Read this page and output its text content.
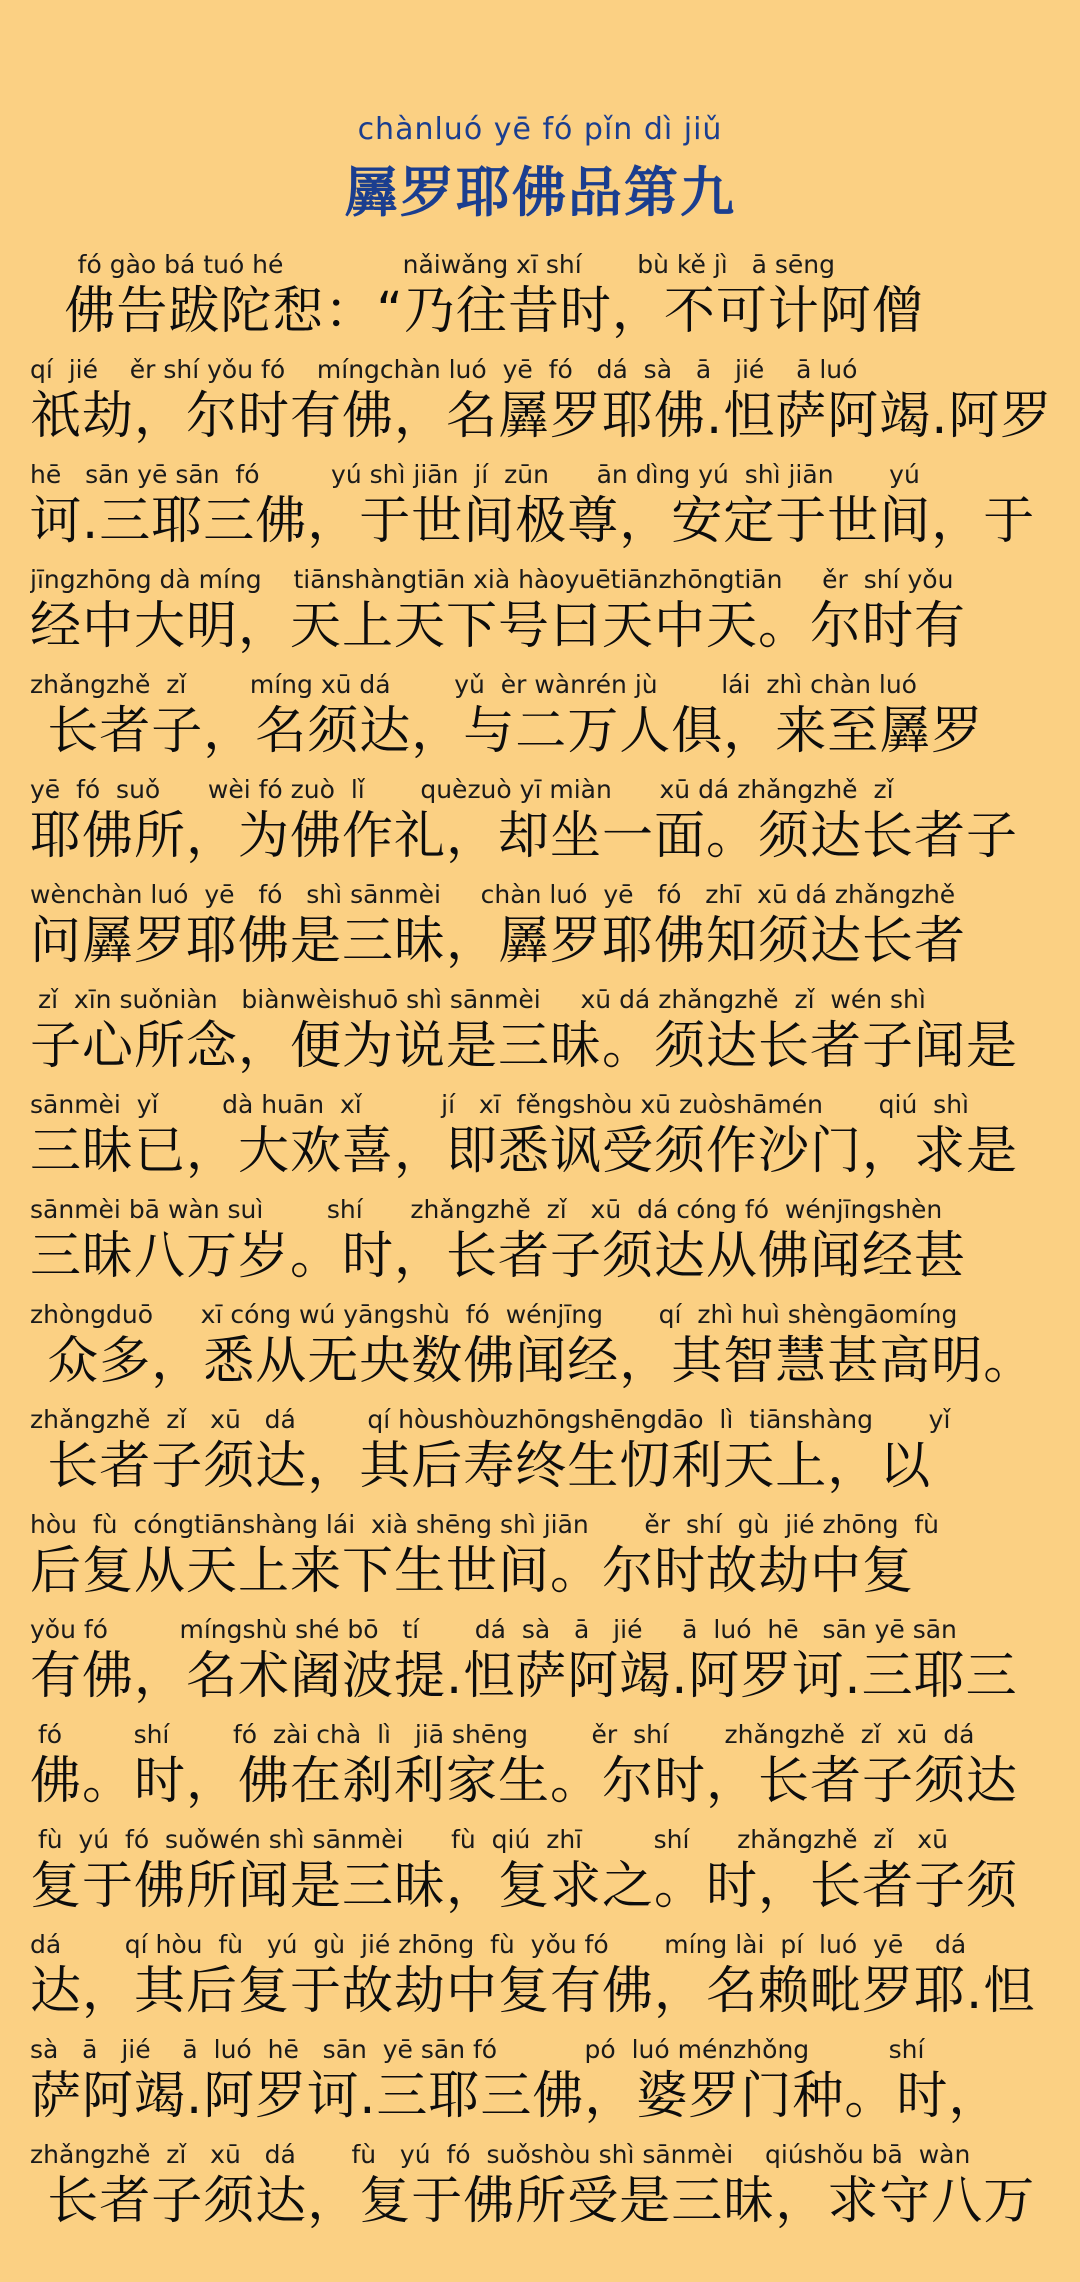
chànluó yē fó pǐn dì jiǔ
羼罗耶佛品第九
fó gào bá tuó hé               nǎiwǎng xī shí       bù kě jì   ā sēng
佛告跋陀惒：“乃往昔时，不可计阿僧
qí  jié    ěr shí yǒu fó    míngchàn luó  yē  fó   dá  sà   ā   jié    ā luó
祇劫，尔时有佛，名羼罗耶佛.怛萨阿竭.阿罗
hē   sān yē sān  fó         yú shì jiān  jí  zūn      ān dìng yú  shì jiān       yú
诃.三耶三佛，于世间极尊，安定于世间，于
jīngzhōng dà míng    tiānshàngtiān xià hàoyuētiānzhōngtiān     ěr  shí yǒu
经中大明，天上天下号曰天中天。尔时有
zhǎngzhě  zǐ        míng xū dá        yǔ  èr wànrén jù        lái  zhì chàn luó
长者子，名须达，与二万人俱，来至羼罗
yē  fó  suǒ      wèi fó zuò  lǐ       quèzuò yī miàn      xū dá zhǎngzhě  zǐ
耶佛所，为佛作礼，却坐一面。须达长者子
wènchàn luó  yē   fó   shì sānmèi     chàn luó  yē   fó   zhī  xū dá zhǎngzhě
问羼罗耶佛是三昧，羼罗耶佛知须达长者
zǐ  xīn suǒniàn   biànwèishuō shì sānmèi     xū dá zhǎngzhě  zǐ  wén shì
子心所念，便为说是三昧。须达长者子闻是
sānmèi  yǐ        dà huān  xǐ          jí   xī  fěngshòu xū zuòshāmén       qiú  shì
三昧已，大欢喜，即悉讽受须作沙门，求是
sānmèi bā wàn suì        shí      zhǎngzhě  zǐ   xū  dá cóng fó  wénjīngshèn
三昧八万岁。时，长者子须达从佛闻经甚
zhòngduō      xī cóng wú yāngshù  fó  wénjīng       qí  zhì huì shèngāomíng
众多，悉从无央数佛闻经，其智慧甚高明。
zhǎngzhě  zǐ   xū   dá         qí hòushòuzhōngshēngdāo  lì  tiānshàng       yǐ
长者子须达，其后寿终生忉利天上，以
hòu  fù  cóngtiānshàng lái  xià shēng shì jiān       ěr  shí  gù  jié zhōng  fù
后复从天上来下生世间。尔时故劫中复
yǒu fó         míngshù shé bō   tí       dá  sà   ā   jié     ā  luó  hē   sān yē sān
有佛，名术阇波提.怛萨阿竭.阿罗诃.三耶三
fó         shí        fó  zài chà  lì   jiā shēng        ěr  shí       zhǎngzhě  zǐ  xū  dá
佛。时，佛在刹利家生。尔时，长者子须达
fù  yú  fó  suǒwén shì sānmèi      fù  qiú  zhī         shí      zhǎngzhě  zǐ   xū
复于佛所闻是三昧，复求之。时，长者子须
dá        qí hòu  fù   yú  gù  jié zhōng  fù  yǒu fó       míng lài  pí  luó  yē    dá
达，其后复于故劫中复有佛，名赖毗罗耶.怛
sà   ā   jié    ā  luó  hē   sān  yē sān fó           pó  luó ménzhǒng          shí
萨阿竭.阿罗诃.三耶三佛，婆罗门种。时，
zhǎngzhě  zǐ   xū   dá       fù   yú  fó  suǒshòu shì sānmèi    qiúshǒu bā  wàn
长者子须达，复于佛所受是三昧，求守八万
